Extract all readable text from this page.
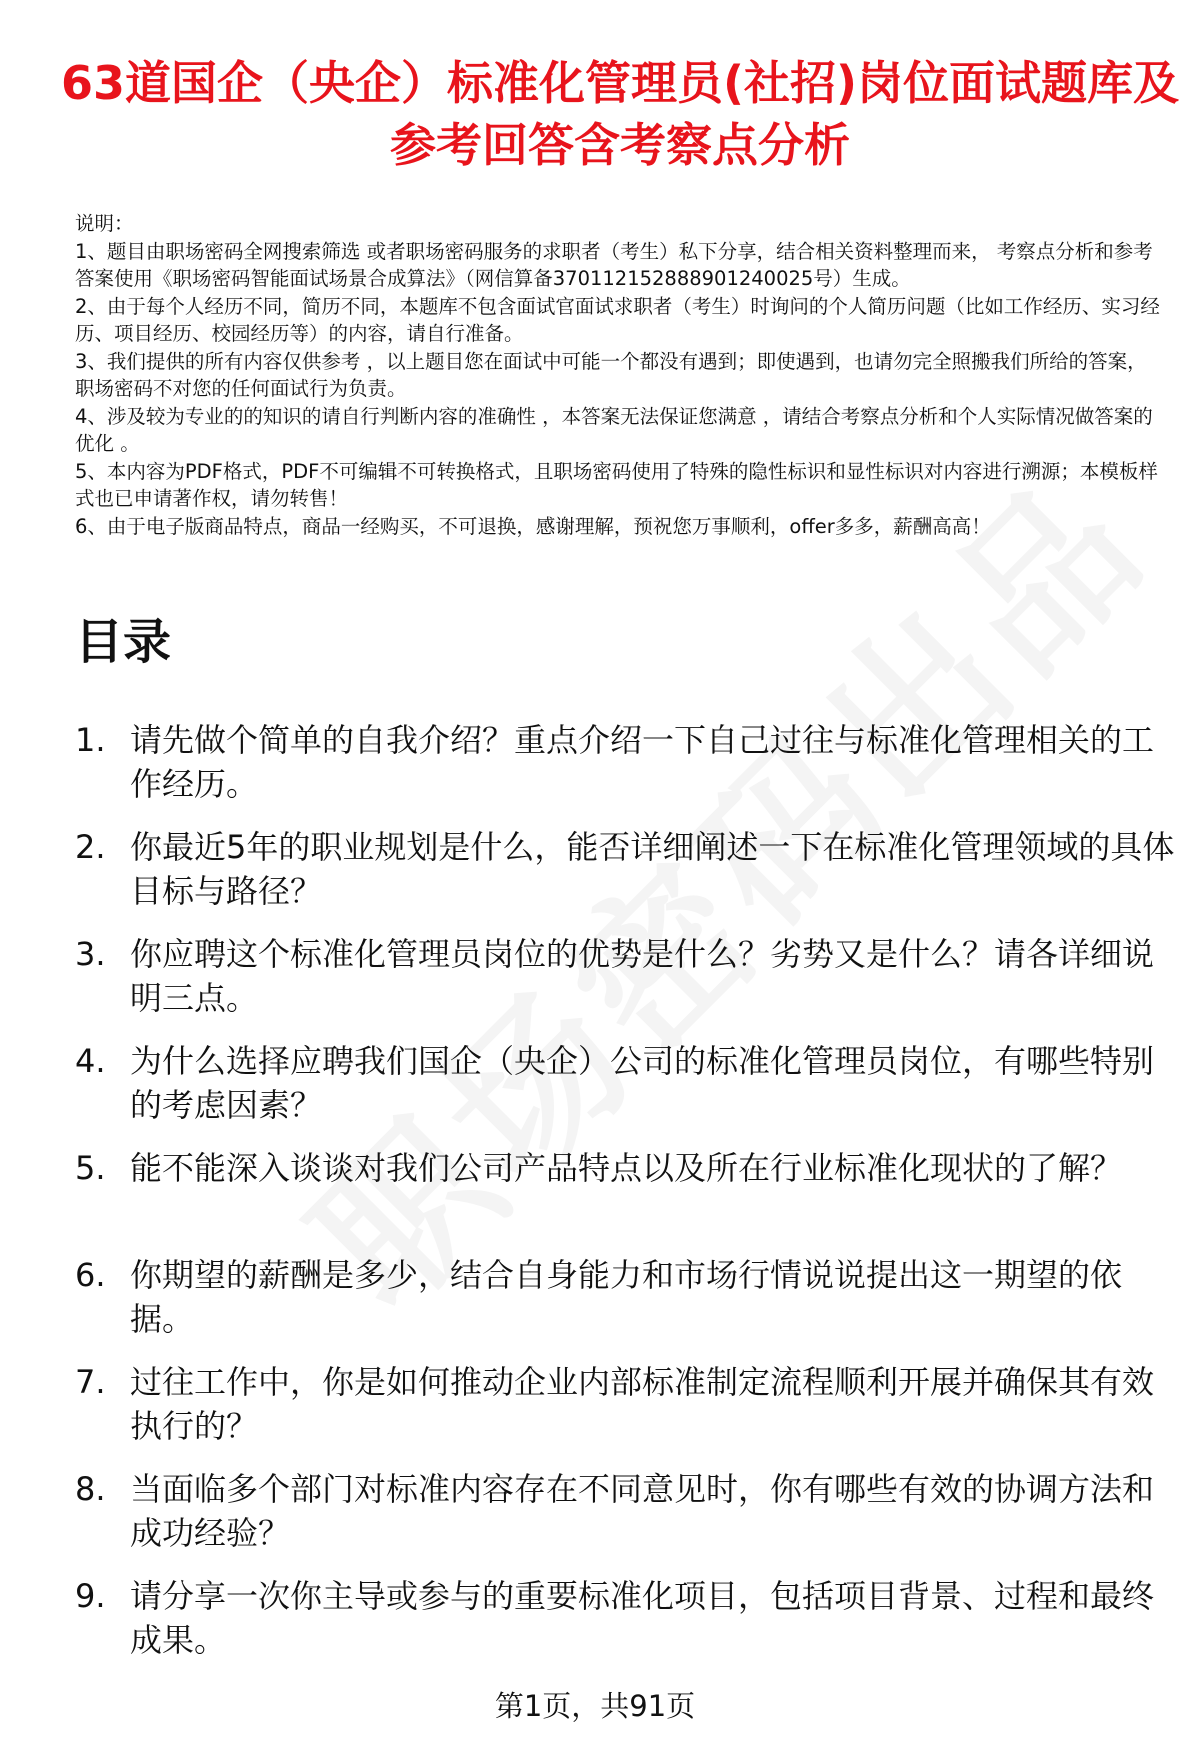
63道国企（央企）标准化管理员(社招)岗位面试题库及参考回答含考察点分析
说明：
1、题目由职场密码全网搜索筛选 或者职场密码服务的求职者（考生）私下分享，结合相关资料整理而来， 考察点分析和参考答案使用《职场密码智能面试场景合成算法》（网信算备370112152888901240025号）生成。
2、由于每个人经历不同，简历不同，本题库不包含面试官面试求职者（考生）时询问的个人简历问题（比如工作经历、实习经历、项目经历、校园经历等）的内容，请自行准备。
3、我们提供的所有内容仅供参考 ，以上题目您在面试中可能一个都没有遇到；即使遇到，也请勿完全照搬我们所给的答案，职场密码不对您的任何面试行为负责。
4、涉及较为专业的的知识的请自行判断内容的准确性 ，本答案无法保证您满意 ，请结合考察点分析和个人实际情况做答案的优化 。
5、本内容为PDF格式，PDF不可编辑不可转换格式，且职场密码使用了特殊的隐性标识和显性标识对内容进行溯源；本模板样式也已申请著作权，请勿转售！
6、由于电子版商品特点，商品一经购买，不可退换，感谢理解，预祝您万事顺利，offer多多，薪酬高高！
目录
1. 请先做个简单的自我介绍？重点介绍一下自己过往与标准化管理相关的工作经历。
2. 你最近5年的职业规划是什么，能否详细阐述一下在标准化管理领域的具体目标与路径？
3. 你应聘这个标准化管理员岗位的优势是什么？劣势又是什么？请各详细说明三点。
4. 为什么选择应聘我们国企（央企）公司的标准化管理员岗位，有哪些特别的考虑因素？
5. 能不能深入谈谈对我们公司产品特点以及所在行业标准化现状的了解？
6. 你期望的薪酬是多少，结合自身能力和市场行情说说提出这一期望的依据。
7. 过往工作中，你是如何推动企业内部标准制定流程顺利开展并确保其有效执行的？
8. 当面临多个部门对标准内容存在不同意见时，你有哪些有效的协调方法和成功经验？
9. 请分享一次你主导或参与的重要标准化项目，包括项目背景、过程和最终成果。
第1页，共91页
